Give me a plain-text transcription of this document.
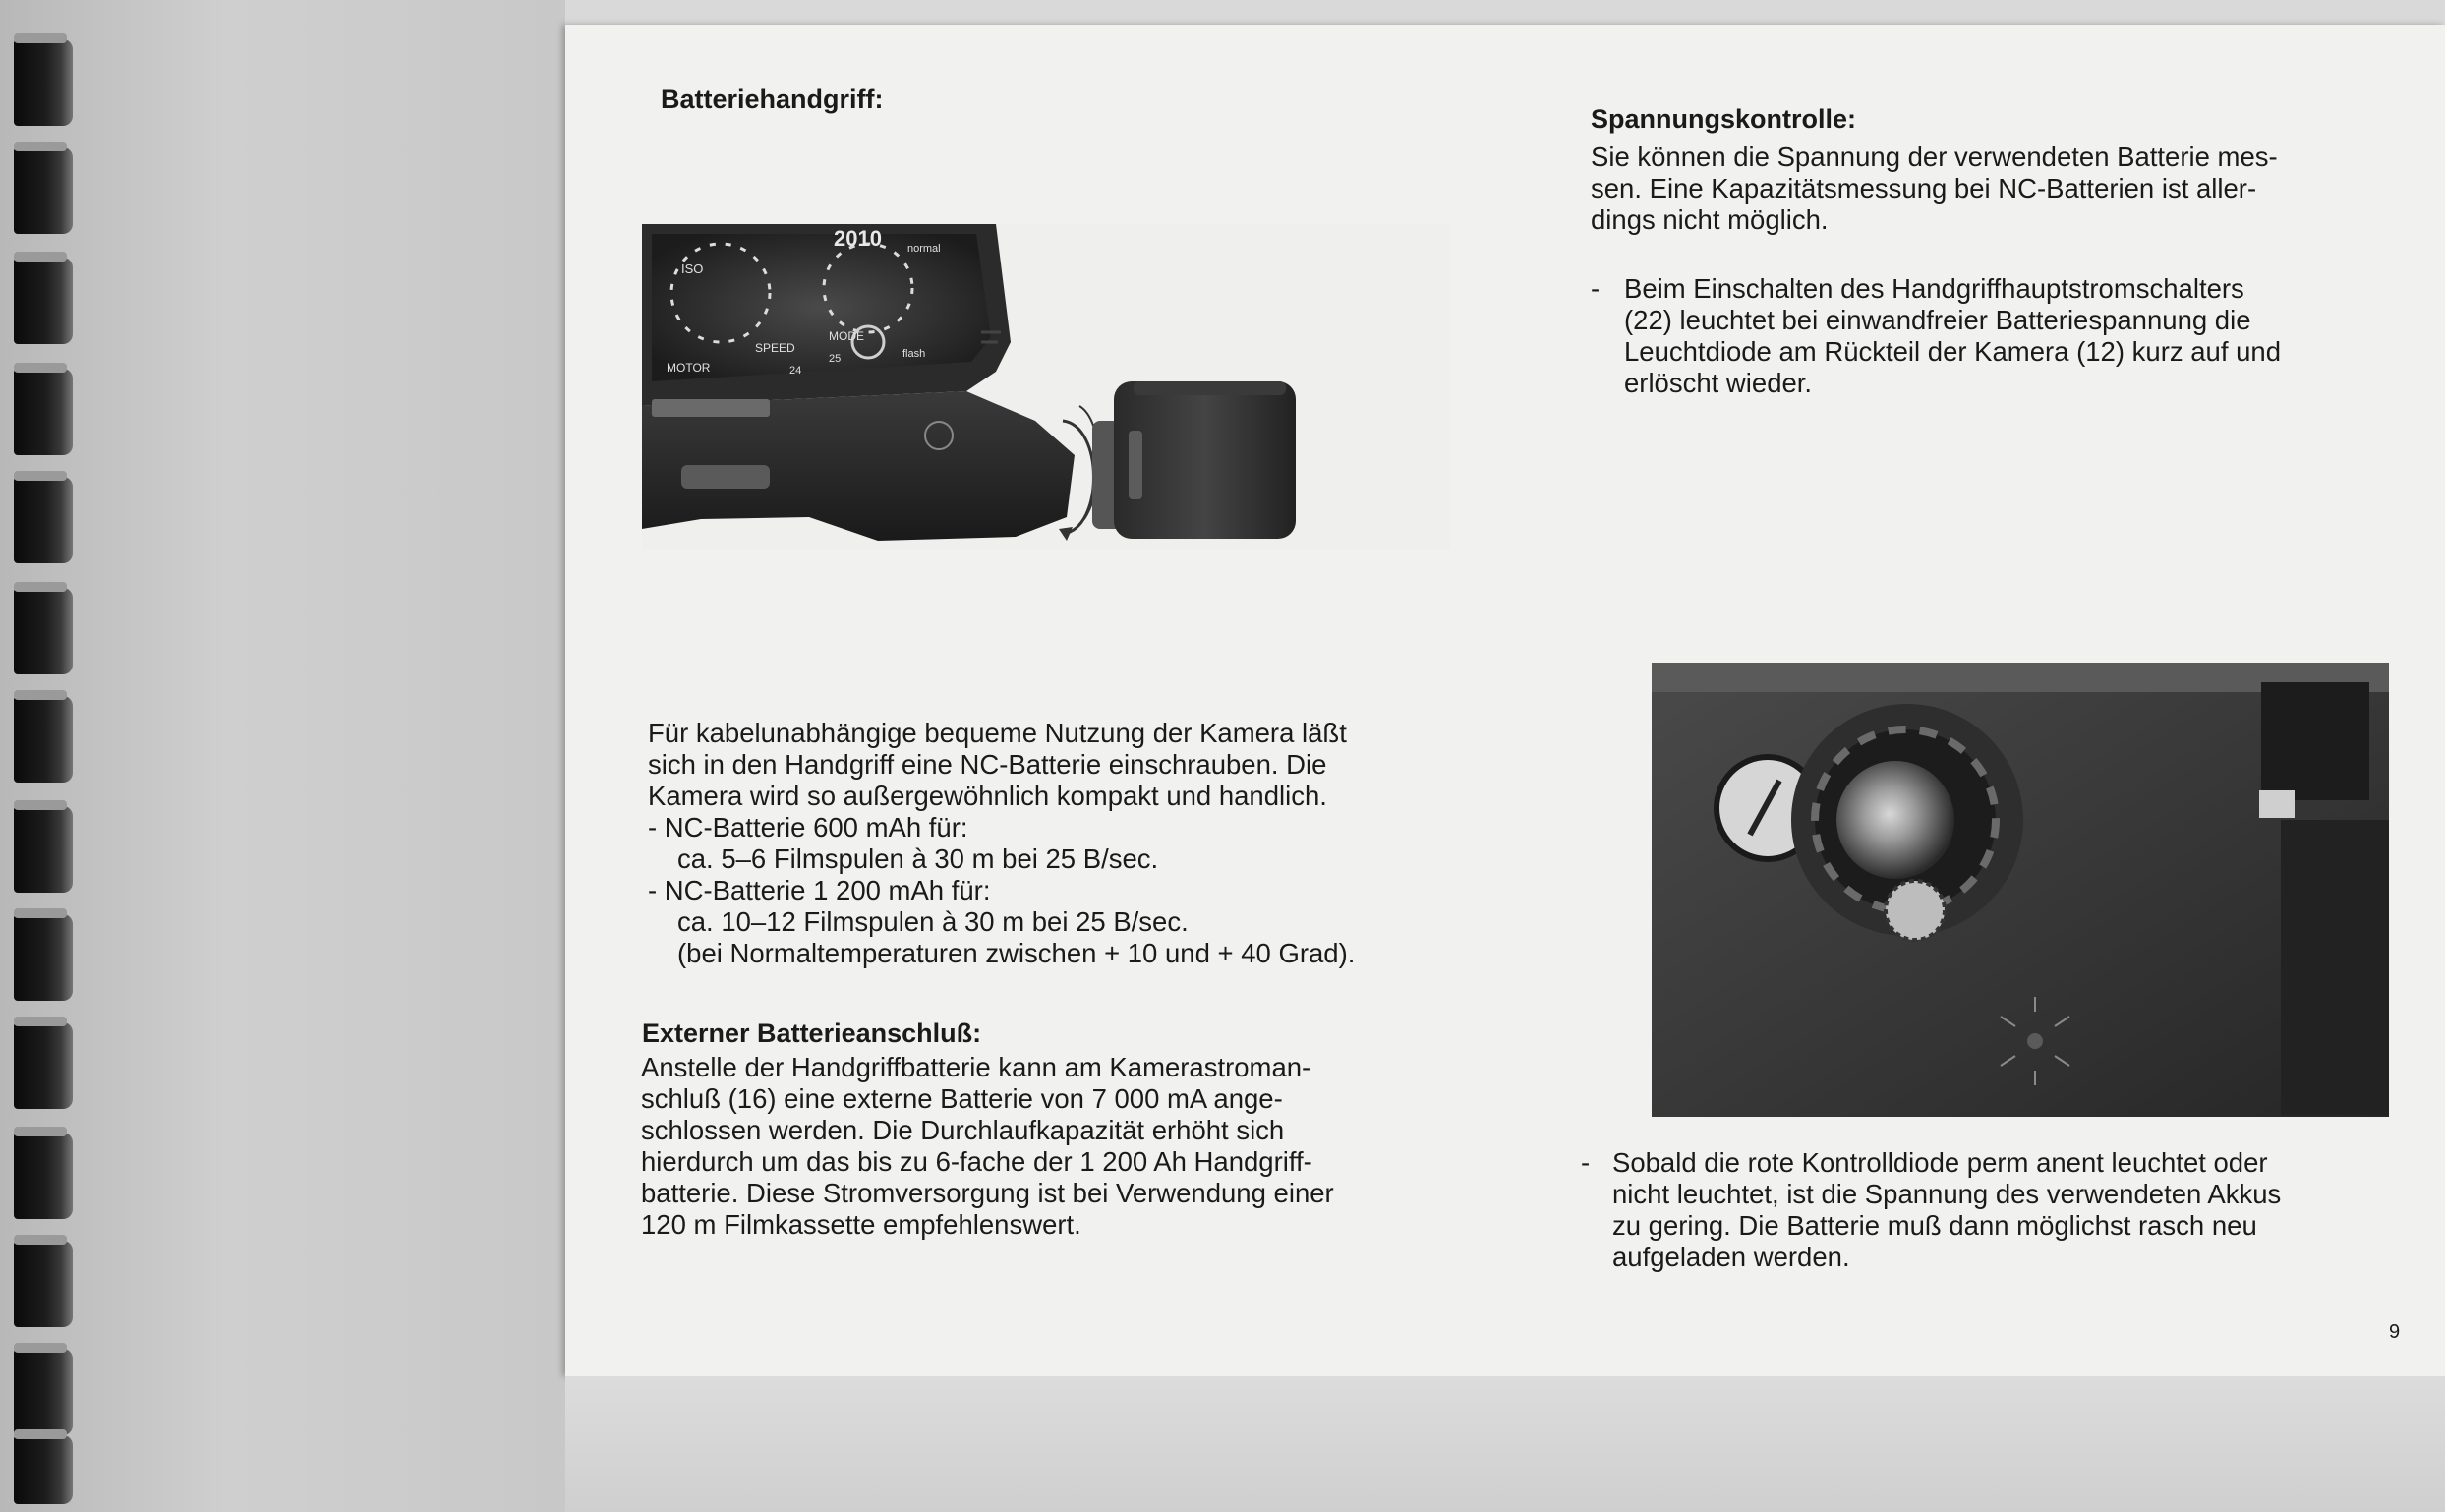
Batteriehandgriff:
2010
ISO
SPEED
MODE
MOTOR
normal
flash
24
25
Für kabelunabhängige bequeme Nutzung der Kamera läßt
sich in den Handgriff eine NC-Batterie einschrauben. Die
Kamera wird so außergewöhnlich kompakt und handlich.
- NC-Batterie 600 mAh für:
ca. 5–6 Filmspulen à 30 m bei 25 B/sec.
- NC-Batterie 1 200 mAh für:
ca. 10–12 Filmspulen à 30 m bei 25 B/sec.
(bei Normaltemperaturen zwischen + 10 und + 40 Grad).
Externer Batterieanschluß:
Anstelle der Handgriffbatterie kann am Kamerastroman-
schluß (16) eine externe Batterie von 7 000 mA ange-
schlossen werden. Die Durchlaufkapazität erhöht sich
hierdurch um das bis zu 6-fache der 1 200 Ah Handgriff-
batterie. Diese Stromversorgung ist bei Verwendung einer
120 m Filmkassette empfehlenswert.
Spannungskontrolle:
Sie können die Spannung der verwendeten Batterie mes-
sen. Eine Kapazitätsmessung bei NC-Batterien ist aller-
dings nicht möglich.
- Beim Einschalten des Handgriffhauptstromschalters
(22) leuchtet bei einwandfreier Batteriespannung die
Leuchtdiode am Rückteil der Kamera (12) kurz auf und
erlöscht wieder.
- Sobald die rote Kontrolldiode perm anent leuchtet oder
nicht leuchtet, ist die Spannung des verwendeten Akkus
zu gering. Die Batterie muß dann möglichst rasch neu
aufgeladen werden.
9
